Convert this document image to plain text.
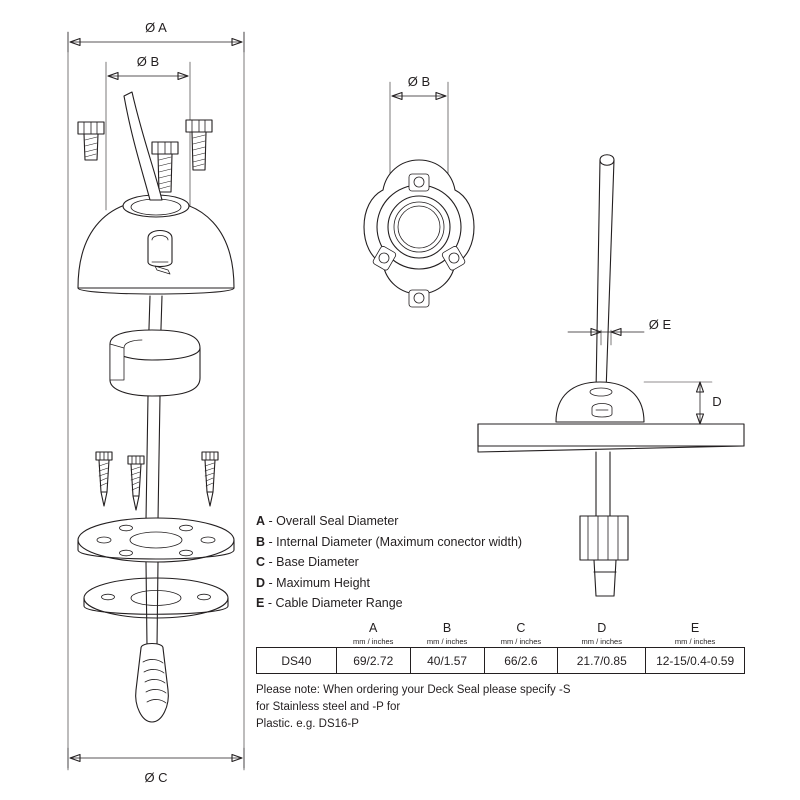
Ø A
Ø B
Ø C
Ø B
Ø E
D
A - Overall Seal Diameter
B - Internal Diameter (Maximum conector width)
C - Base Diameter
D - Maximum Height
E - Cable Diameter Range
	A	B	C	D	E
	mm / inches	mm / inches	mm / inches	mm / inches	mm / inches
DS40	69/2.72	40/1.57	66/2.6	21.7/0.85	12-15/0.4-0.59
Please note: When ordering your Deck Seal please specify -S for Stainless steel and -P for
Plastic. e.g. DS16-P
